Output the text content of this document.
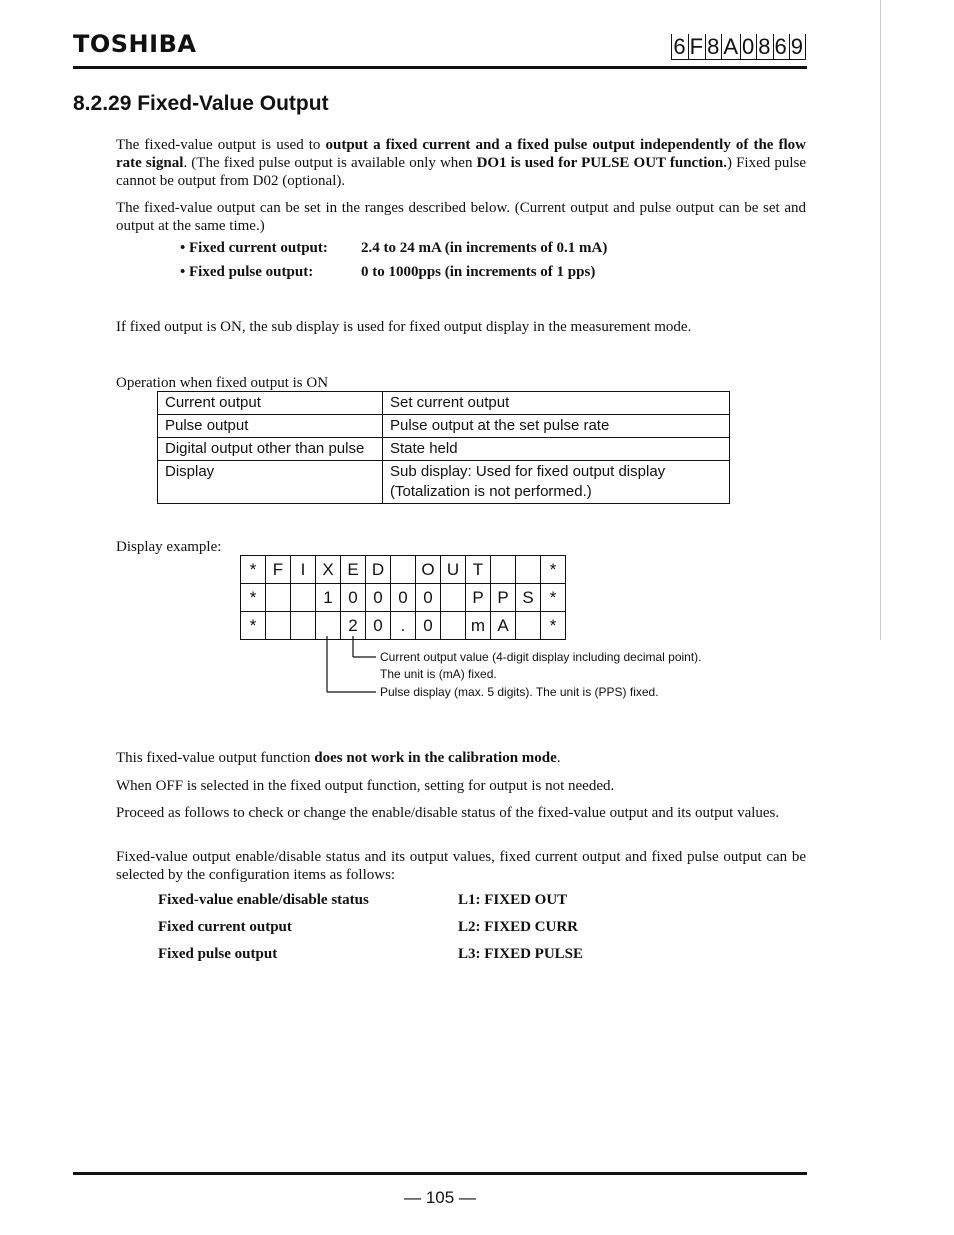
TOSHIBA	6 F 8 A 0 8 6 9
8.2.29 Fixed-Value Output
The fixed-value output is used to output a fixed current and a fixed pulse output independently of the flow rate signal. (The fixed pulse output is available only when DO1 is used for PULSE OUT function.) Fixed pulse cannot be output from D02 (optional).
The fixed-value output can be set in the ranges described below. (Current output and pulse output can be set and output at the same time.)
• Fixed current output: 2.4 to 24 mA (in increments of 0.1 mA)
• Fixed pulse output:	0 to 1000pps (in increments of 1 pps)
If fixed output is ON, the sub display is used for fixed output display in the measurement mode.
Operation when fixed output is ON
Current output	Set current output
Pulse output	Pulse output at the set pulse rate
Digital output other than pulse	State held
Display	Sub display: Used for fixed output display
(Totalization is not performed.)
Display example:
*	F	I	X	E	D		O	U	T			*
*			1	0	0	0	0		P	P	S	*
*				2	0	.	0		m	A		*
Current output value (4-digit display including decimal point).
The unit is (mA) fixed.
Pulse display (max. 5 digits). The unit is (PPS) fixed.
This fixed-value output function does not work in the calibration mode.
When OFF is selected in the fixed output function, setting for output is not needed.
Proceed as follows to check or change the enable/disable status of the fixed-value output and its output values.
Fixed-value output enable/disable status and its output values, fixed current output and fixed pulse output can be selected by the configuration items as follows:
Fixed-value enable/disable status	L1: FIXED OUT
Fixed current output	L2: FIXED CURR
Fixed pulse output	L3: FIXED PULSE
— 105 —
